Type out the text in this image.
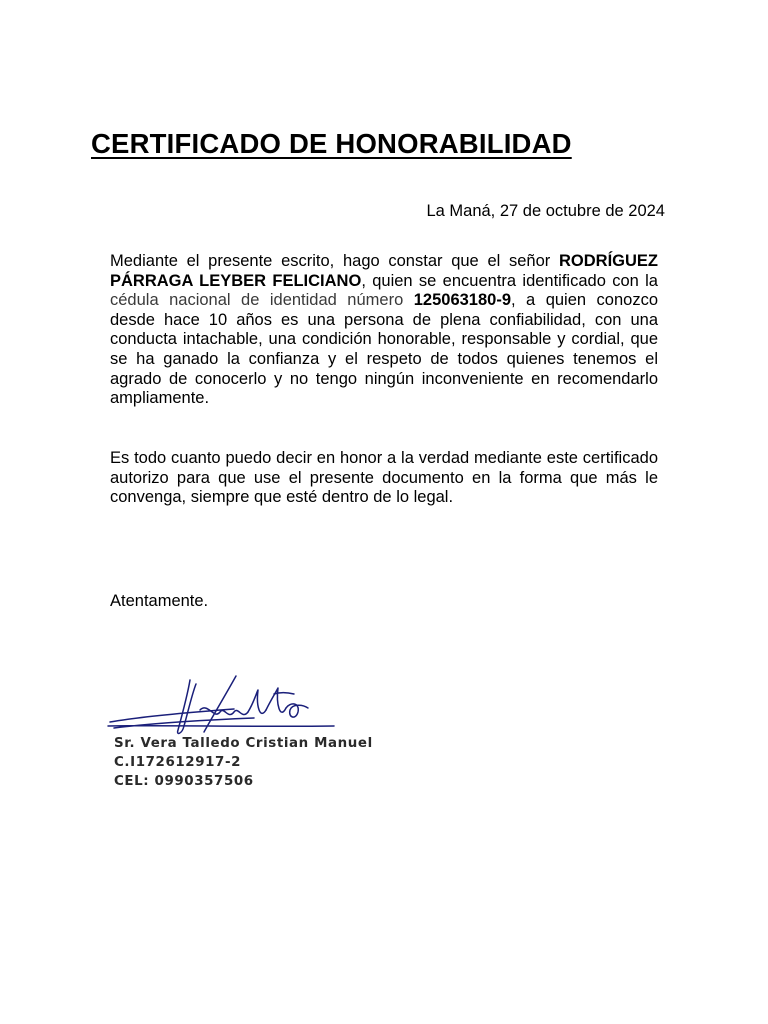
CERTIFICADO DE HONORABILIDAD
La Maná, 27 de octubre de 2024
Mediante el presente escrito, hago constar que el señor RODRÍGUEZ PÁRRAGA LEYBER FELICIANO, quien se encuentra identificado con la cédula nacional de identidad número 125063180-9, a quien conozco desde hace 10 años es una persona de plena confiabilidad, con una conducta intachable, una condición honorable, responsable y cordial, que se ha ganado la confianza y el respeto de todos quienes tenemos el agrado de conocerlo y no tengo ningún inconveniente en recomendarlo ampliamente.
Es todo cuanto puedo decir en honor a la verdad mediante este certificado autorizo para que use el presente documento en la forma que más le convenga, siempre que esté dentro de lo legal.
Atentamente.
Sr. Vera Talledo Cristian Manuel
C.I172612917-2
CEL: 0990357506
